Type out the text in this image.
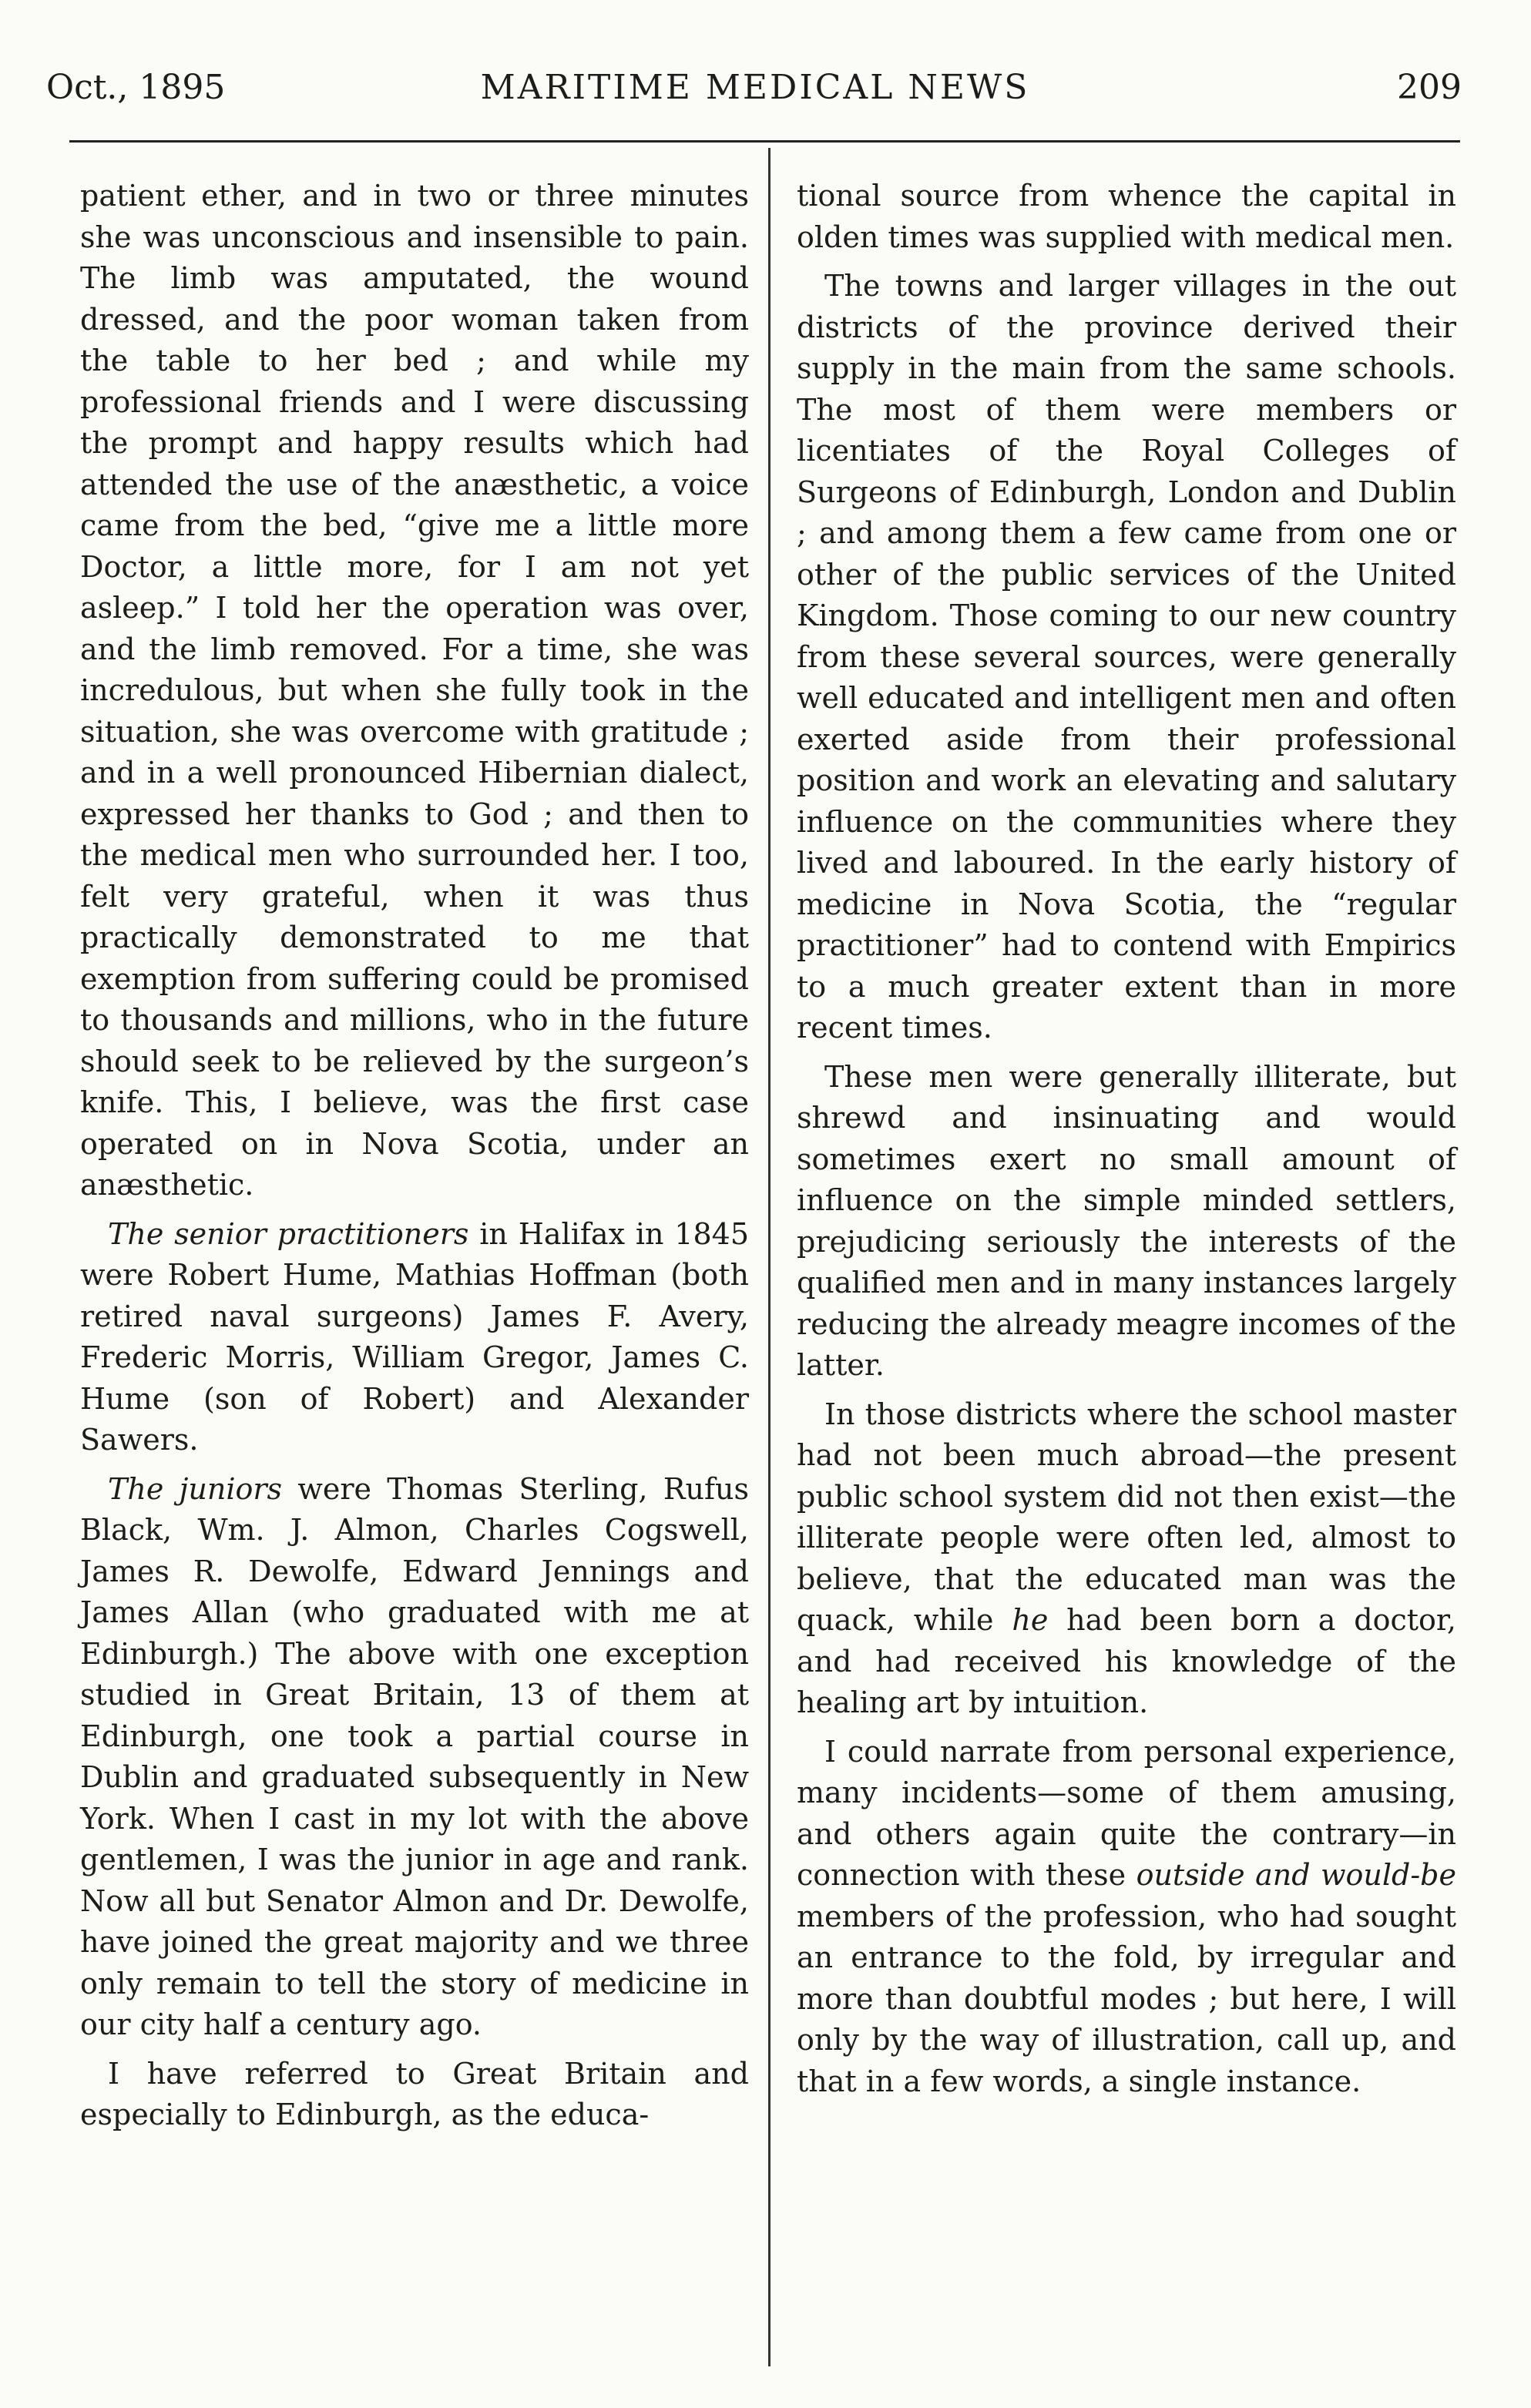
Oct., 1895	MARITIME MEDICAL NEWS	209

patient ether, and in two or three minutes she was unconscious and insensible to pain. The limb was amputated, the wound dressed, and the poor woman taken from the table to her bed ; and while my professional friends and I were discussing the prompt and happy results which had attended the use of the anæsthetic, a voice came from the bed, “give me a little more Doctor, a little more, for I am not yet asleep.” I told her the operation was over, and the limb removed. For a time, she was incredulous, but when she fully took in the situation, she was overcome with gratitude ; and in a well pronounced Hibernian dialect, expressed her thanks to God ; and then to the medical men who surrounded her. I too, felt very grateful, when it was thus practically demonstrated to me that exemption from suffering could be promised to thousands and millions, who in the future should seek to be relieved by the surgeon’s knife. This, I believe, was the first case operated on in Nova Scotia, under an anæsthetic.

The senior practitioners in Halifax in 1845 were Robert Hume, Mathias Hoffman (both retired naval surgeons) James F. Avery, Frederic Morris, William Gregor, James C. Hume (son of Robert) and Alexander Sawers.

The juniors were Thomas Sterling, Rufus Black, Wm. J. Almon, Charles Cogswell, James R. Dewolfe, Edward Jennings and James Allan (who graduated with me at Edinburgh.) The above with one exception studied in Great Britain, 13 of them at Edinburgh, one took a partial course in Dublin and graduated subsequently in New York. When I cast in my lot with the above gentlemen, I was the junior in age and rank. Now all but Senator Almon and Dr. Dewolfe, have joined the great majority and we three only remain to tell the story of medicine in our city half a century ago.

I have referred to Great Britain and especially to Edinburgh, as the educa-

tional source from whence the capital in olden times was supplied with medical men.

The towns and larger villages in the out districts of the province derived their supply in the main from the same schools. The most of them were members or licentiates of the Royal Colleges of Surgeons of Edinburgh, London and Dublin ; and among them a few came from one or other of the public services of the United Kingdom. Those coming to our new country from these several sources, were generally well educated and intelligent men and often exerted aside from their professional position and work an elevating and salutary influence on the communities where they lived and laboured. In the early history of medicine in Nova Scotia, the “regular practitioner” had to contend with Empirics to a much greater extent than in more recent times.

These men were generally illiterate, but shrewd and insinuating and would sometimes exert no small amount of influence on the simple minded settlers, prejudicing seriously the interests of the qualified men and in many instances largely reducing the already meagre incomes of the latter.

In those districts where the school master had not been much abroad—the present public school system did not then exist—the illiterate people were often led, almost to believe, that the educated man was the quack, while he had been born a doctor, and had received his knowledge of the healing art by intuition.

I could narrate from personal experience, many incidents—some of them amusing, and others again quite the contrary—in connection with these outside and would-be members of the profession, who had sought an entrance to the fold, by irregular and more than doubtful modes ; but here, I will only by the way of illustration, call up, and that in a few words, a single instance.
